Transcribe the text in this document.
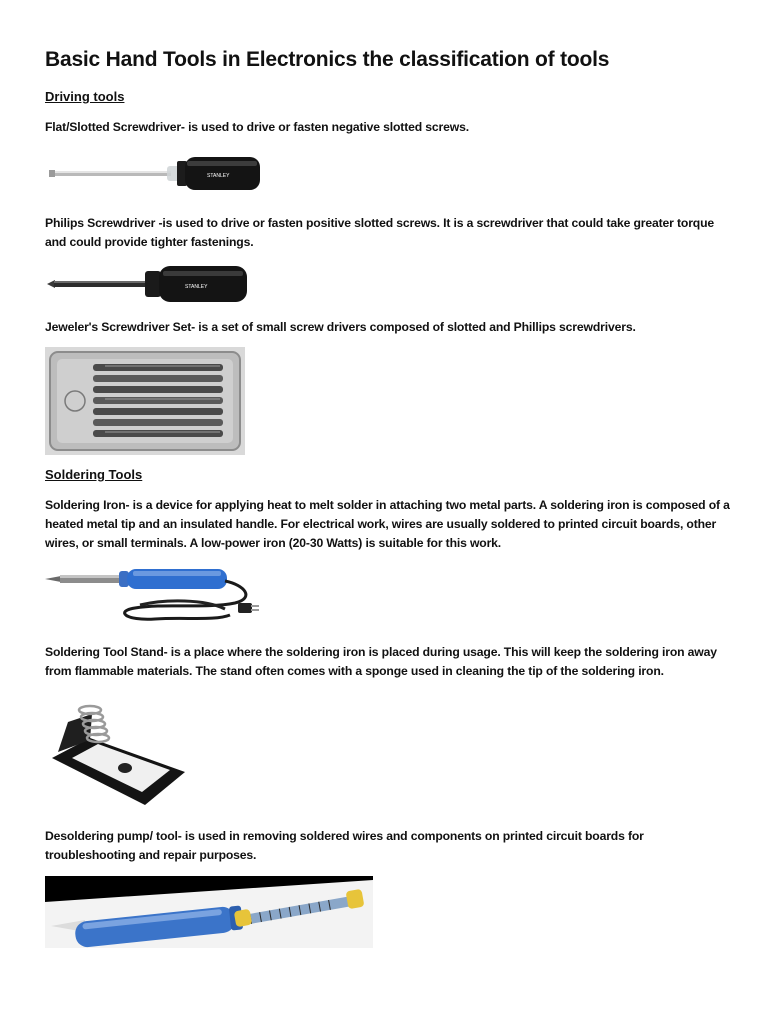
Basic Hand Tools in Electronics the classification of tools
Driving tools
Flat/Slotted Screwdriver- is used to drive or fasten negative slotted screws.
STANLEY
Philips Screwdriver -is used to drive or fasten positive slotted screws. It is a screwdriver that could take greater torque and could provide tighter fastenings.
STANLEY
Jeweler's Screwdriver Set- is a set of small screw drivers composed of slotted and Phillips screwdrivers.
Soldering Tools
Soldering Iron- is a device for applying heat to melt solder in attaching two metal parts. A soldering iron is composed of a heated metal tip and an insulated handle. For electrical work, wires are usually soldered to printed circuit boards, other wires, or small terminals. A low-power iron (20-30 Watts) is suitable for this work.
Soldering Tool Stand- is a place where the soldering iron is placed during usage. This will keep the soldering iron away from flammable materials. The stand often comes with a sponge used in cleaning the tip of the soldering iron.
Desoldering pump/ tool- is used in removing soldered wires and components on printed circuit boards for troubleshooting and repair purposes.
